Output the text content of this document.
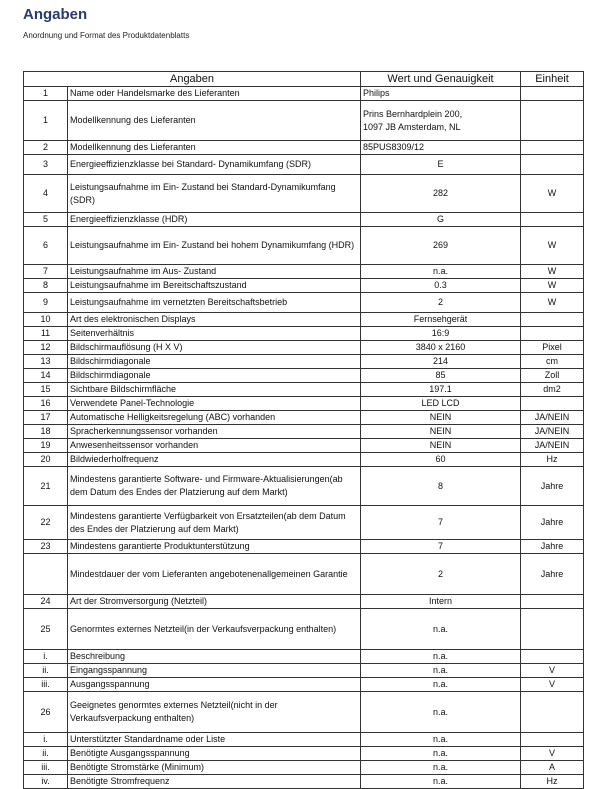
Angaben

Anordnung und Format des Produktdatenblatts

Angaben		Wert und Genauigkeit	Einheit
1	Name oder Handelsmarke des Lieferanten	Philips	
1	Modellkennung des Lieferanten	Prins Bernhardplein 200,
1097 JB Amsterdam, NL	
2	Modellkennung des Lieferanten	85PUS8309/12	
3	Energieeffizienzklasse bei Standard- Dynamikumfang (SDR)	E	
4	Leistungsaufnahme im Ein- Zustand bei Standard-Dynamikumfang (SDR)	282	W
5	Energieeffizienzklasse (HDR)	G	
6	Leistungsaufnahme im Ein- Zustand bei hohem Dynamikumfang (HDR)	269	W
7	Leistungsaufnahme im Aus- Zustand	n.a.	W
8	Leistungsaufnahme im Bereitschaftszustand	0.3	W
9	Leistungsaufnahme im vernetzten Bereitschaftsbetrieb	2	W
10	Art des elektronischen Displays	Fernsehgerät	
11	Seitenverhältnis	16:9	
12	Bildschirmauflösung (H X V)	3840 x 2160	Pixel
13	Bildschirmdiagonale	214	cm
14	Bildschirmdiagonale	85	Zoll
15	Sichtbare Bildschirmfläche	197.1	dm2
16	Verwendete Panel-Technologie	LED LCD	
17	Automatische Helligkeitsregelung (ABC) vorhanden	NEIN	JA/NEIN
18	Spracherkennungssensor vorhanden	NEIN	JA/NEIN
19	Anwesenheitssensor vorhanden	NEIN	JA/NEIN
20	Bildwiederholfrequenz	60	Hz
21	Mindestens garantierte Software- und Firmware-Aktualisierungen(ab dem Datum des Endes der Platzierung auf dem Markt)	8	Jahre
22	Mindestens garantierte Verfügbarkeit von Ersatzteilen(ab dem Datum des Endes der Platzierung auf dem Markt)	7	Jahre
23	Mindestens garantierte Produktunterstützung	7	Jahre
	Mindestdauer der vom Lieferanten angebotenenallgemeinen Garantie	2	Jahre
24	Art der Stromversorgung (Netzteil)	Intern	
25	Genormtes externes Netzteil(in der Verkaufsverpackung enthalten)	n.a.	
i.	Beschreibung	n.a.	
ii.	Eingangsspannung	n.a.	V
iii.	Ausgangsspannung	n.a.	V
26	Geeignetes genormtes externes Netzteil(nicht in der Verkaufsverpackung enthalten)	n.a.	
i.	Unterstützter Standardname oder Liste	n.a.	
ii.	Benötigte Ausgangsspannung	n.a.	V
iii.	Benötigte Stromstärke (Minimum)	n.a.	A
iv.	Benötigte Stromfrequenz	n.a.	Hz
